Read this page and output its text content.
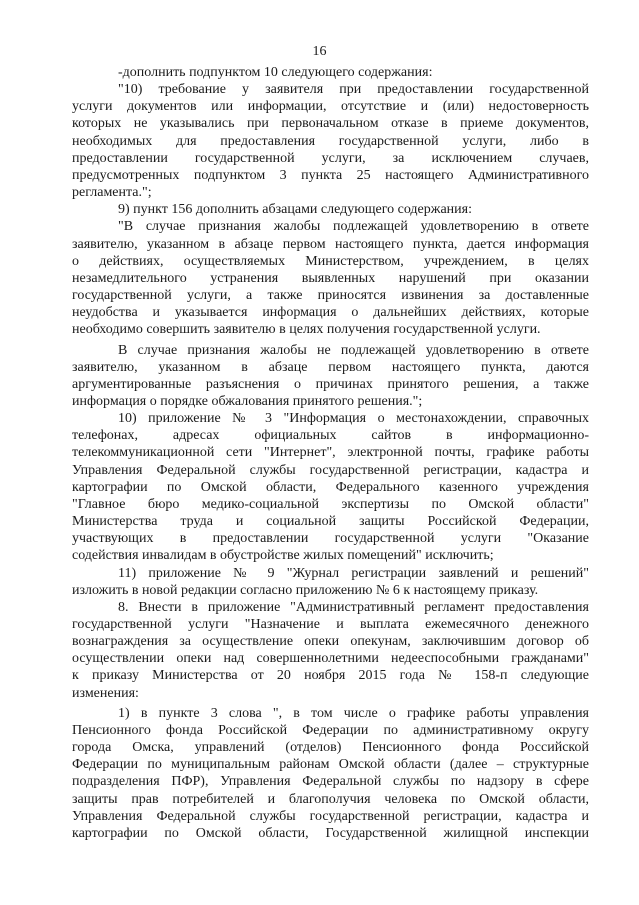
16
-дополнить подпунктом 10 следующего содержания:
"10) требование у заявителя при предоставлении государственной
услуги документов или информации, отсутствие и (или) недостоверность
которых не указывались при первоначальном отказе в приеме документов,
необходимых для предоставления государственной услуги, либо в
предоставлении государственной услуги, за исключением случаев,
предусмотренных подпунктом 3 пункта 25 настоящего Административного
регламента.";
9) пункт 156 дополнить абзацами следующего содержания:
"В случае признания жалобы подлежащей удовлетворению в ответе
заявителю, указанном в абзаце первом настоящего пункта, дается информация
о действиях, осуществляемых Министерством, учреждением, в целях
незамедлительного устранения выявленных нарушений при оказании
государственной услуги, а также приносятся извинения за доставленные
неудобства и указывается информация о дальнейших действиях, которые
необходимо совершить заявителю в целях получения государственной услуги.
В случае признания жалобы не подлежащей удовлетворению в ответе
заявителю, указанном в абзаце первом настоящего пункта, даются
аргументированные разъяснения о причинах принятого решения, а также
информация о порядке обжалования принятого решения.";
10) приложение № 3 "Информация о местонахождении, справочных
телефонах, адресах официальных сайтов в информационно-
телекоммуникационной сети "Интернет", электронной почты, графике работы
Управления Федеральной службы государственной регистрации, кадастра и
картографии по Омской области, Федерального казенного учреждения
"Главное бюро медико-социальной экспертизы по Омской области"
Министерства труда и социальной защиты Российской Федерации,
участвующих в предоставлении государственной услуги "Оказание
содействия инвалидам в обустройстве жилых помещений" исключить;
11) приложение № 9 "Журнал регистрации заявлений и решений"
изложить в новой редакции согласно приложению № 6 к настоящему приказу.
8. Внести в приложение "Административный регламент предоставления
государственной услуги "Назначение и выплата ежемесячного денежного
вознаграждения за осуществление опеки опекунам, заключившим договор об
осуществлении опеки над совершеннолетними недееспособными гражданами"
к приказу Министерства от 20 ноября 2015 года № 158-п следующие
изменения:
1) в пункте 3 слова ", в том числе о графике работы управления
Пенсионного фонда Российской Федерации по административному округу
города Омска, управлений (отделов) Пенсионного фонда Российской
Федерации по муниципальным районам Омской области (далее – структурные
подразделения ПФР), Управления Федеральной службы по надзору в сфере
защиты прав потребителей и благополучия человека по Омской области,
Управления Федеральной службы государственной регистрации, кадастра и
картографии по Омской области, Государственной жилищной инспекции
